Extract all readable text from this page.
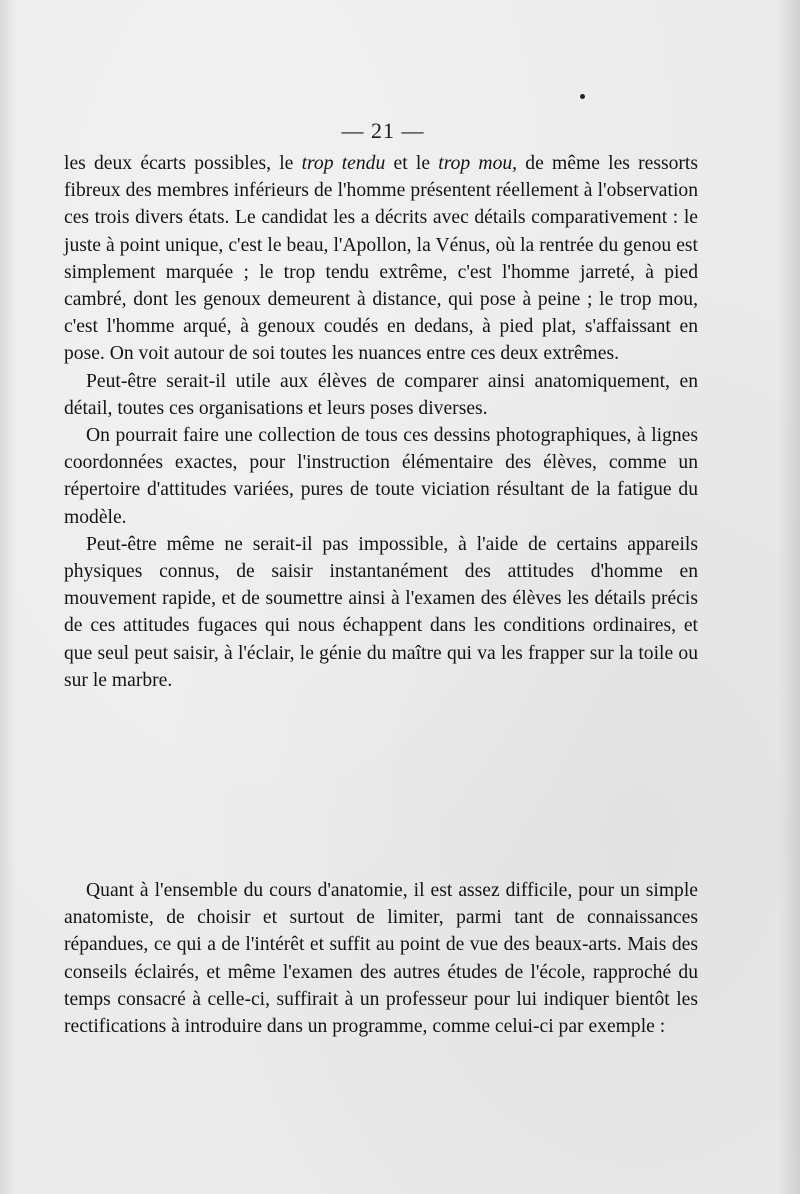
— 21 —

les deux écarts possibles, le trop tendu et le trop mou, de même les ressorts fibreux des membres inférieurs de l'homme présentent réellement à l'observation ces trois divers états. Le candidat les a décrits avec détails comparativement : le juste à point unique, c'est le beau, l'Apollon, la Vénus, où la rentrée du genou est simplement marquée ; le trop tendu extrême, c'est l'homme jarreté, à pied cambré, dont les genoux demeurent à distance, qui pose à peine ; le trop mou, c'est l'homme arqué, à genoux coudés en dedans, à pied plat, s'affaissant en pose. On voit autour de soi toutes les nuances entre ces deux extrêmes.

Peut-être serait-il utile aux élèves de comparer ainsi anatomiquement, en détail, toutes ces organisations et leurs poses diverses.

On pourrait faire une collection de tous ces dessins photographiques, à lignes coordonnées exactes, pour l'instruction élémentaire des élèves, comme un répertoire d'attitudes variées, pures de toute viciation résultant de la fatigue du modèle.

Peut-être même ne serait-il pas impossible, à l'aide de certains appareils physiques connus, de saisir instantanément des attitudes d'homme en mouvement rapide, et de soumettre ainsi à l'examen des élèves les détails précis de ces attitudes fugaces qui nous échappent dans les conditions ordinaires, et que seul peut saisir, à l'éclair, le génie du maître qui va les frapper sur la toile ou sur le marbre.

Quant à l'ensemble du cours d'anatomie, il est assez difficile, pour un simple anatomiste, de choisir et surtout de limiter, parmi tant de connaissances répandues, ce qui a de l'intérêt et suffit au point de vue des beaux-arts. Mais des conseils éclairés, et même l'examen des autres études de l'école, rapproché du temps consacré à celle-ci, suffirait à un professeur pour lui indiquer bientôt les rectifications à introduire dans un programme, comme celui-ci par exemple :
